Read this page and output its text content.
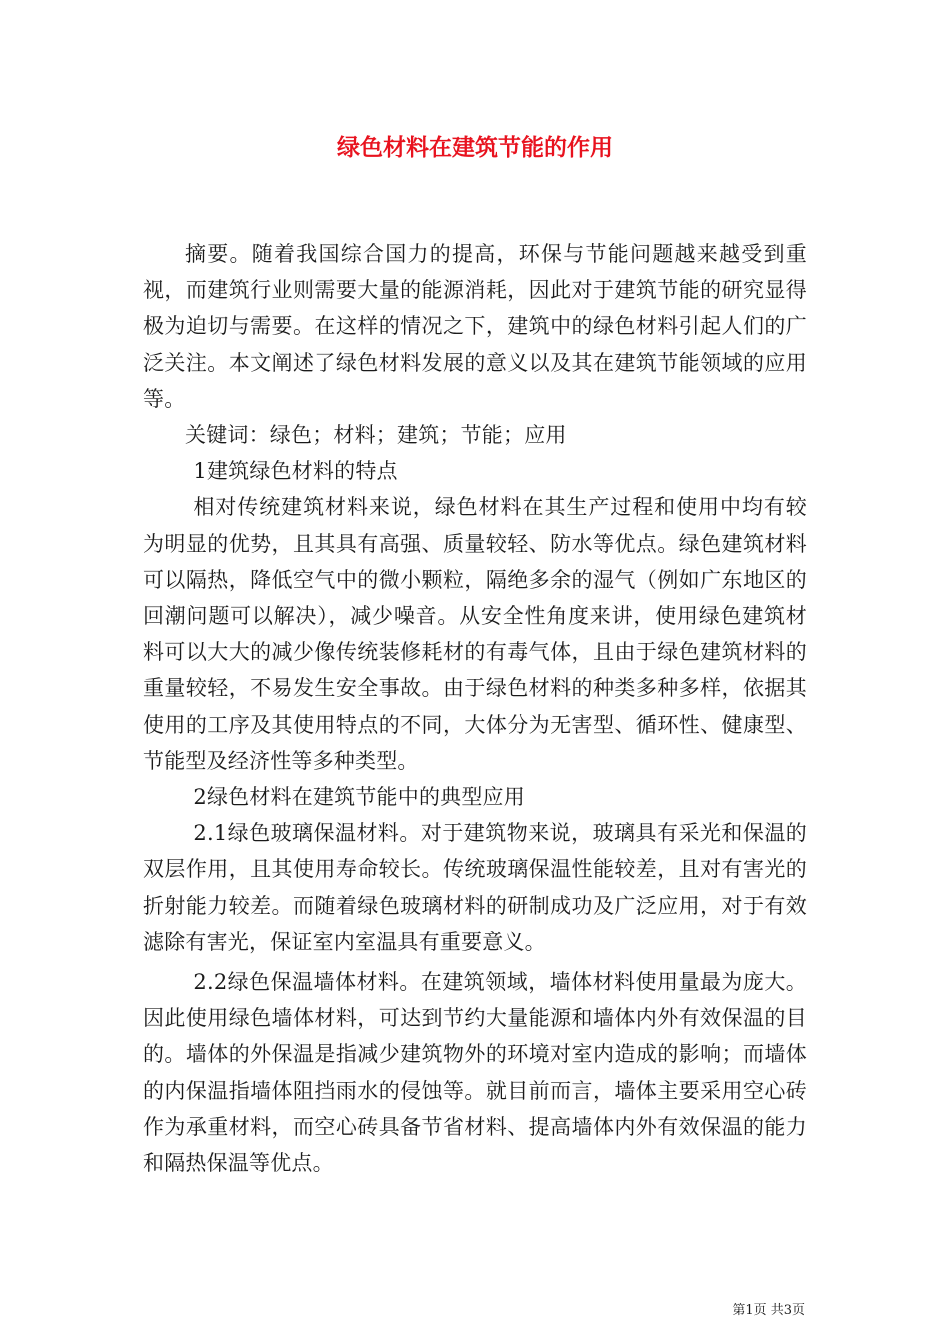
绿色材料在建筑节能的作用

摘要。随着我国综合国力的提高，环保与节能问题越来越受到重视，而建筑行业则需要大量的能源消耗，因此对于建筑节能的研究显得极为迫切与需要。在这样的情况之下，建筑中的绿色材料引起人们的广泛关注。本文阐述了绿色材料发展的意义以及其在建筑节能领域的应用等。

关键词：绿色；材料；建筑；节能；应用

1建筑绿色材料的特点

相对传统建筑材料来说，绿色材料在其生产过程和使用中均有较为明显的优势，且其具有高强、质量较轻、防水等优点。绿色建筑材料可以隔热，降低空气中的微小颗粒，隔绝多余的湿气（例如广东地区的回潮问题可以解决），减少噪音。从安全性角度来讲，使用绿色建筑材料可以大大的减少像传统装修耗材的有毒气体，且由于绿色建筑材料的重量较轻，不易发生安全事故。由于绿色材料的种类多种多样，依据其使用的工序及其使用特点的不同，大体分为无害型、循环性、健康型、节能型及经济性等多种类型。

2绿色材料在建筑节能中的典型应用

2.1绿色玻璃保温材料。对于建筑物来说，玻璃具有采光和保温的双层作用，且其使用寿命较长。传统玻璃保温性能较差，且对有害光的折射能力较差。而随着绿色玻璃材料的研制成功及广泛应用，对于有效滤除有害光，保证室内室温具有重要意义。

2.2绿色保温墙体材料。在建筑领域，墙体材料使用量最为庞大。因此使用绿色墙体材料，可达到节约大量能源和墙体内外有效保温的目的。墙体的外保温是指减少建筑物外的环境对室内造成的影响；而墙体的内保温指墙体阻挡雨水的侵蚀等。就目前而言，墙体主要采用空心砖作为承重材料，而空心砖具备节省材料、提高墙体内外有效保温的能力和隔热保温等优点。

第1页 共3页
